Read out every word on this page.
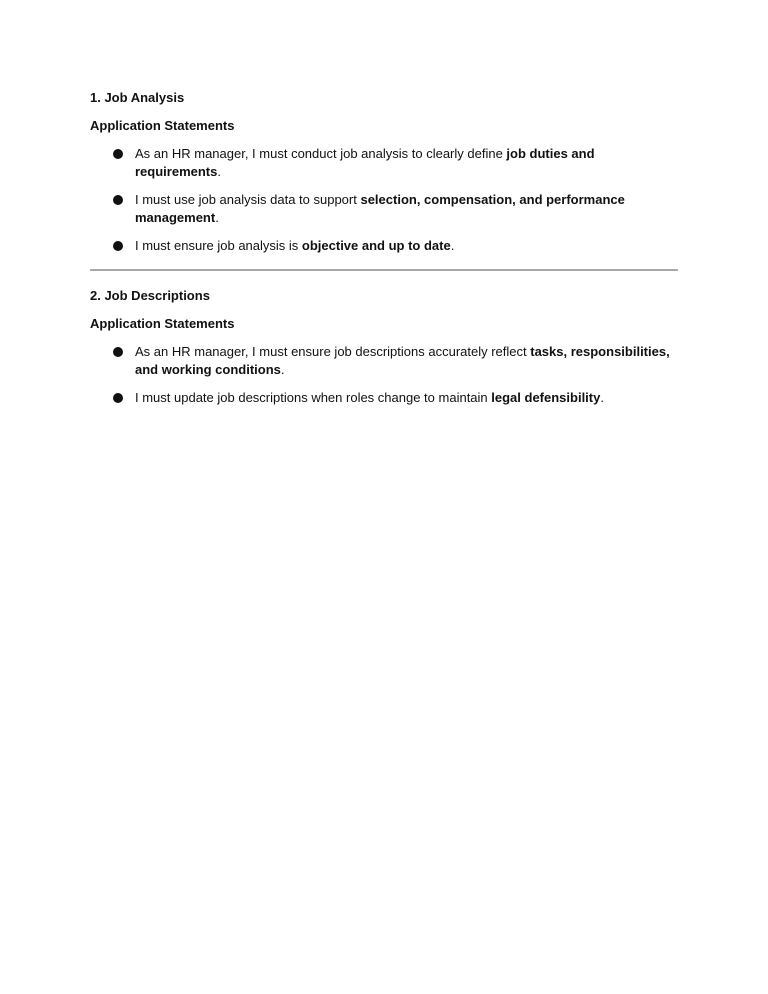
1. Job Analysis
Application Statements
As an HR manager, I must conduct job analysis to clearly define job duties and requirements.
I must use job analysis data to support selection, compensation, and performance management.
I must ensure job analysis is objective and up to date.
2. Job Descriptions
Application Statements
As an HR manager, I must ensure job descriptions accurately reflect tasks, responsibilities, and working conditions.
I must update job descriptions when roles change to maintain legal defensibility.
